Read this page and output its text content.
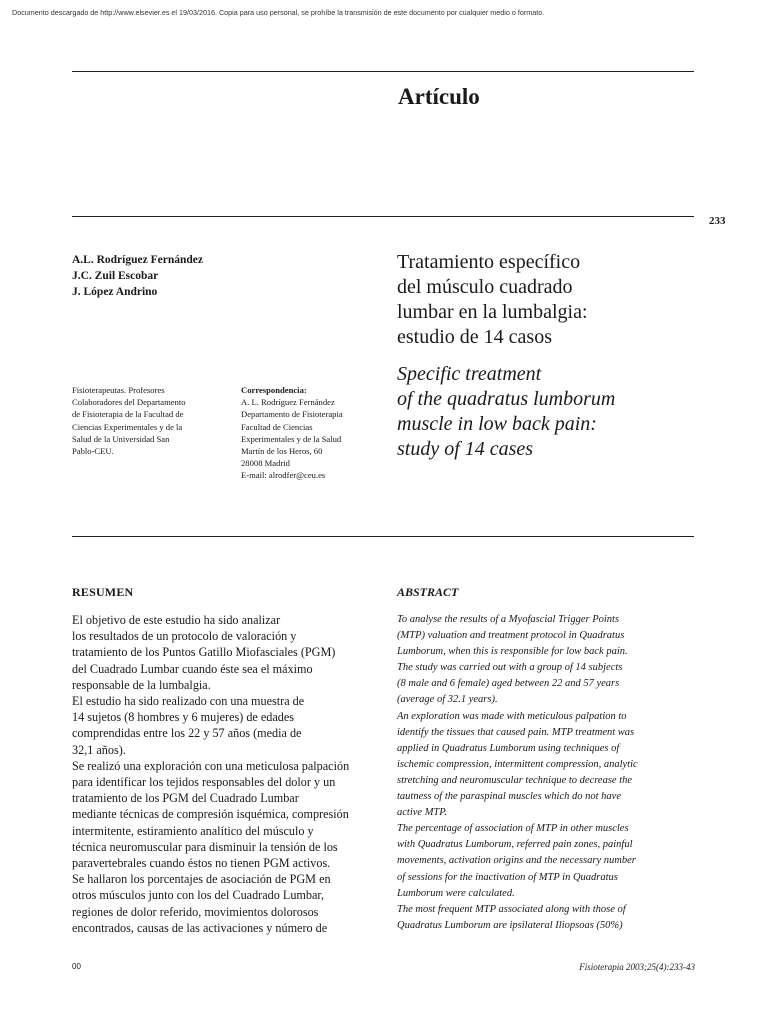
Documento descargado de http://www.elsevier.es el 19/03/2016. Copia para uso personal, se prohíbe la transmisión de este documento por cualquier medio o formato.
Artículo
233
A.L. Rodríguez Fernández
J.C. Zuil Escobar
J. López Andrino
Fisioterapeutas. Profesores
Colaboradores del Departamento
de Fisioterapia de la Facultad de
Ciencias Experimentales y de la
Salud de la Universidad San
Pablo-CEU.
Correspondencia:
A. L. Rodríguez Fernández
Departamento de Fisioterapia
Facultad de Ciencias
Experimentales y de la Salud
Martín de los Heros, 60
28008 Madrid
E-mail: alrodfer@ceu.es
Tratamiento específico
del músculo cuadrado
lumbar en la lumbalgia:
estudio de 14 casos
Specific treatment
of the quadratus lumborum
muscle in low back pain:
study of 14 cases
RESUMEN	ABSTRACT

El objetivo de este estudio ha sido analizar

los resultados de un protocolo de valoración y

tratamiento de los Puntos Gatillo Miofasciales (PGM)

del Cuadrado Lumbar cuando éste sea el máximo

responsable de la lumbalgia.

El estudio ha sido realizado con una muestra de

14 sujetos (8 hombres y 6 mujeres) de edades

comprendidas entre los 22 y 57 años (media de

32,1 años).

Se realizó una exploración con una meticulosa palpación

para identificar los tejidos responsables del dolor y un

tratamiento de los PGM del Cuadrado Lumbar

mediante técnicas de compresión isquémica, compresión

intermitente, estiramiento analítico del músculo y

técnica neuromuscular para disminuir la tensión de los

paravertebrales cuando éstos no tienen PGM activos.

Se hallaron los porcentajes de asociación de PGM en

otros músculos junto con los del Cuadrado Lumbar,

regiones de dolor referido, movimientos dolorosos

encontrados, causas de las activaciones y número de

To analyse the results of a Myofascial Trigger Points

(MTP) valuation and treatment protocol in Quadratus

Lumborum, when this is responsible for low back pain.

The study was carried out with a group of 14 subjects

(8 male and 6 female) aged between 22 and 57 years

(average of 32.1 years).

An exploration was made with meticulous palpation to

identify the tissues that caused pain. MTP treatment was

applied in Quadratus Lumborum using techniques of

ischemic compression, intermittent compression, analytic

stretching and neuromuscular technique to decrease the

tautness of the paraspinal muscles which do not have

active MTP.

The percentage of association of MTP in other muscles

with Quadratus Lumborum, referred pain zones, painful

movements, activation origins and the necessary number

of sessions for the inactivation of MTP in Quadratus

Lumborum were calculated.

The most frequent MTP associated along with those of

Quadratus Lumborum are ipsilateral Iliopsoas (50%)

00	Fisioterapia 2003;25(4):233-43
